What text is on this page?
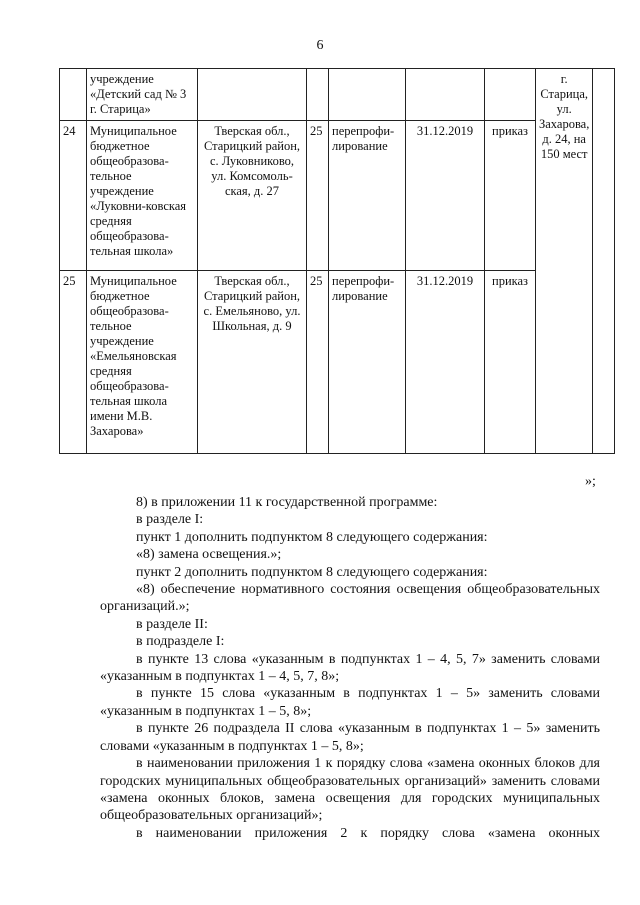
6
	учреждение «Детский сад № 3 г. Старица»						г. Старица, ул. Захарова, д. 24, на 150 мест	
24	Муниципальное бюджетное общеобразова-тельное учреждение «Луковни-ковская средняя общеобразова-тельная школа»	Тверская обл., Старицкий район, с. Луковниково, ул. Комсомоль-ская, д. 27	25	перепрофи-лирование	31.12.2019	приказ		
25	Муниципальное бюджетное общеобразова-тельное учреждение «Емельяновская средняя общеобразова-тельная школа имени М.В. Захарова»	Тверская обл., Старицкий район, с. Емельяново, ул. Школьная, д. 9	25	перепрофи-лирование	31.12.2019	приказ		
»;

8) в приложении 11 к государственной программе:

в разделе I:

пункт 1 дополнить подпунктом 8 следующего содержания:

«8) замена освещения.»;

пункт 2 дополнить подпунктом 8 следующего содержания:

«8) обеспечение нормативного состояния освещения общеобразовательных организаций.»;

в разделе II:

в подразделе I:

в пункте 13 слова «указанным в подпунктах 1 – 4, 5, 7» заменить словами «указанным в подпунктах 1 – 4, 5, 7, 8»;

в пункте 15 слова «указанным в подпунктах 1 – 5» заменить словами «указанным в подпунктах 1 – 5, 8»;

в пункте 26 подраздела II слова «указанным в подпунктах 1 – 5» заменить словами «указанным в подпунктах 1 – 5, 8»;

в наименовании приложения 1 к порядку слова «замена оконных блоков для городских муниципальных общеобразовательных организаций» заменить словами «замена оконных блоков, замена освещения для городских муниципальных общеобразовательных организаций»;

в наименовании приложения 2 к порядку слова «замена оконных
